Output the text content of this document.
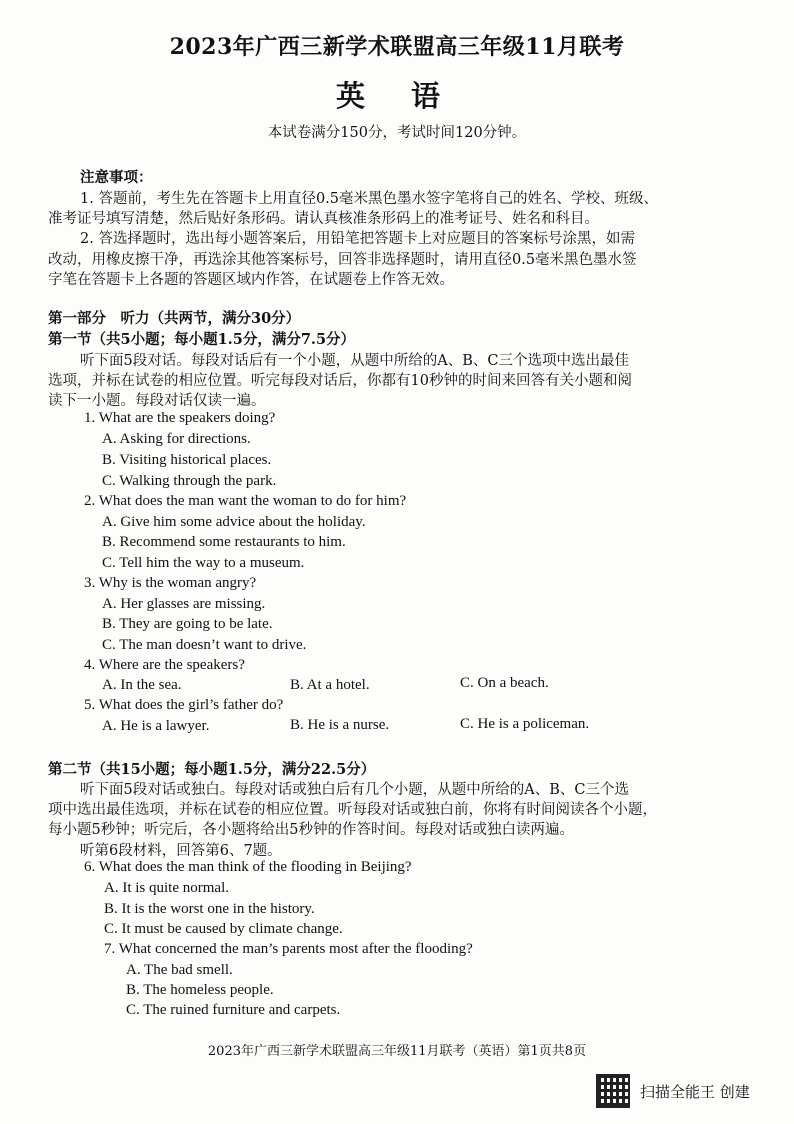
2023年广西三新学术联盟高三年级11月联考
英 语
本试卷满分150分，考试时间120分钟。
注意事项：
1. 答题前，考生先在答题卡上用直径0.5毫米黑色墨水签字笔将自己的姓名、学校、班级、
准考证号填写清楚，然后贴好条形码。请认真核准条形码上的准考证号、姓名和科目。
2. 答选择题时，选出每小题答案后，用铅笔把答题卡上对应题目的答案标号涂黑，如需
改动，用橡皮擦干净，再选涂其他答案标号，回答非选择题时，请用直径0.5毫米黑色墨水签
字笔在答题卡上各题的答题区域内作答，在试题卷上作答无效。
第一部分　听力（共两节，满分30分）
第一节（共5小题；每小题1.5分，满分7.5分）
听下面5段对话。每段对话后有一个小题，从题中所给的A、B、C三个选项中选出最佳
选项，并标在试卷的相应位置。听完每段对话后，你都有10秒钟的时间来回答有关小题和阅
读下一小题。每段对话仅读一遍。
1. What are the speakers doing?
A. Asking for directions.
B. Visiting historical places.
C. Walking through the park.
2. What does the man want the woman to do for him?
A. Give him some advice about the holiday.
B. Recommend some restaurants to him.
C. Tell him the way to a museum.
3. Why is the woman angry?
A. Her glasses are missing.
B. They are going to be late.
C. The man doesn’t want to drive.
4. Where are the speakers?
A. In the sea.	B. At a hotel.	C. On a beach.
5. What does the girl’s father do?
A. He is a lawyer.	B. He is a nurse.	C. He is a policeman.
第二节（共15小题；每小题1.5分，满分22.5分）
听下面5段对话或独白。每段对话或独白后有几个小题，从题中所给的A、B、C三个选
项中选出最佳选项，并标在试卷的相应位置。听每段对话或独白前，你将有时间阅读各个小题，
每小题5秒钟；听完后，各小题将给出5秒钟的作答时间。每段对话或独白读两遍。
听第6段材料，回答第6、7题。
6. What does the man think of the flooding in Beijing?
A. It is quite normal.
B. It is the worst one in the history.
C. It must be caused by climate change.
7. What concerned the man’s parents most after the flooding?
A. The bad smell.
B. The homeless people.
C. The ruined furniture and carpets.
2023年广西三新学术联盟高三年级11月联考（英语）第1页共8页
扫描全能王 创建
